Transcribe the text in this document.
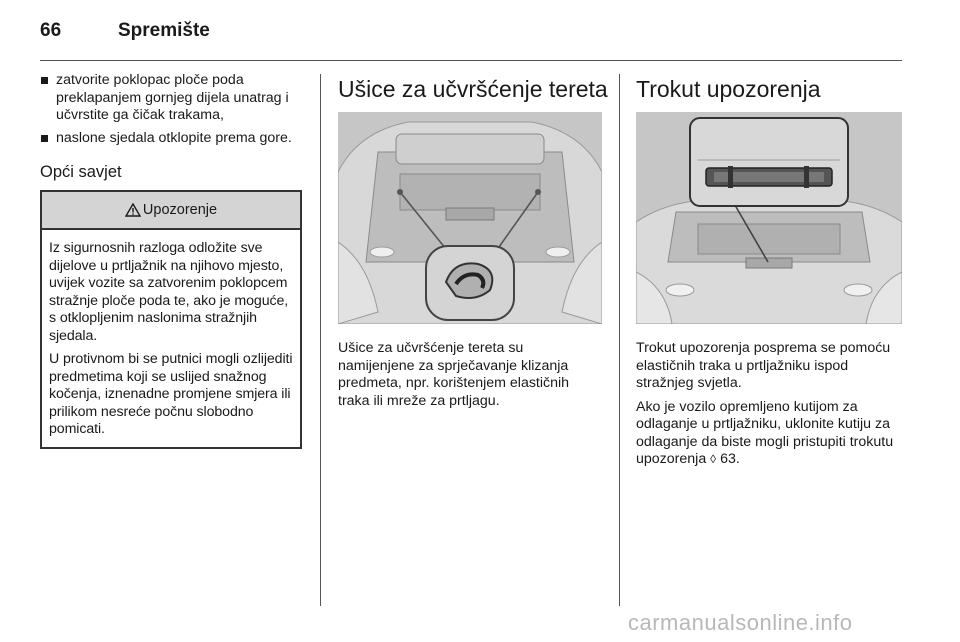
66	Spremište
zatvorite poklopac ploče poda preklapanjem gornjeg dijela unatrag i učvrstite ga čičak trakama,
naslone sjedala otklopite prema gore.
Opći savjet
Upozorenje

Iz sigurnosnih razloga odložite sve dijelove u prtljažnik na njihovo mjesto, uvijek vozite sa zatvorenim poklopcem stražnje ploče poda te, ako je moguće, s otklopljenim naslonima stražnjih sjedala.

U protivnom bi se putnici mogli ozlijediti predmetima koji se uslijed snažnog kočenja, iznenadne promjene smjera ili prilikom nesreće počnu slobodno pomicati.

Ušice za učvršćenje tereta

Ušice za učvršćenje tereta su namijenjene za sprječavanje klizanja predmeta, npr. korištenjem elastičnih traka ili mreže za prtljagu.

Trokut upozorenja

Trokut upozorenja posprema se pomoću elastičnih traka u prtljažniku ispod stražnjeg svjetla.

Ako je vozilo opremljeno kutijom za odlaganje u prtljažniku, uklonite kutiju za odlaganje da biste mogli pristupiti trokutu upozorenja ◊ 63.

carmanualsonline.info
